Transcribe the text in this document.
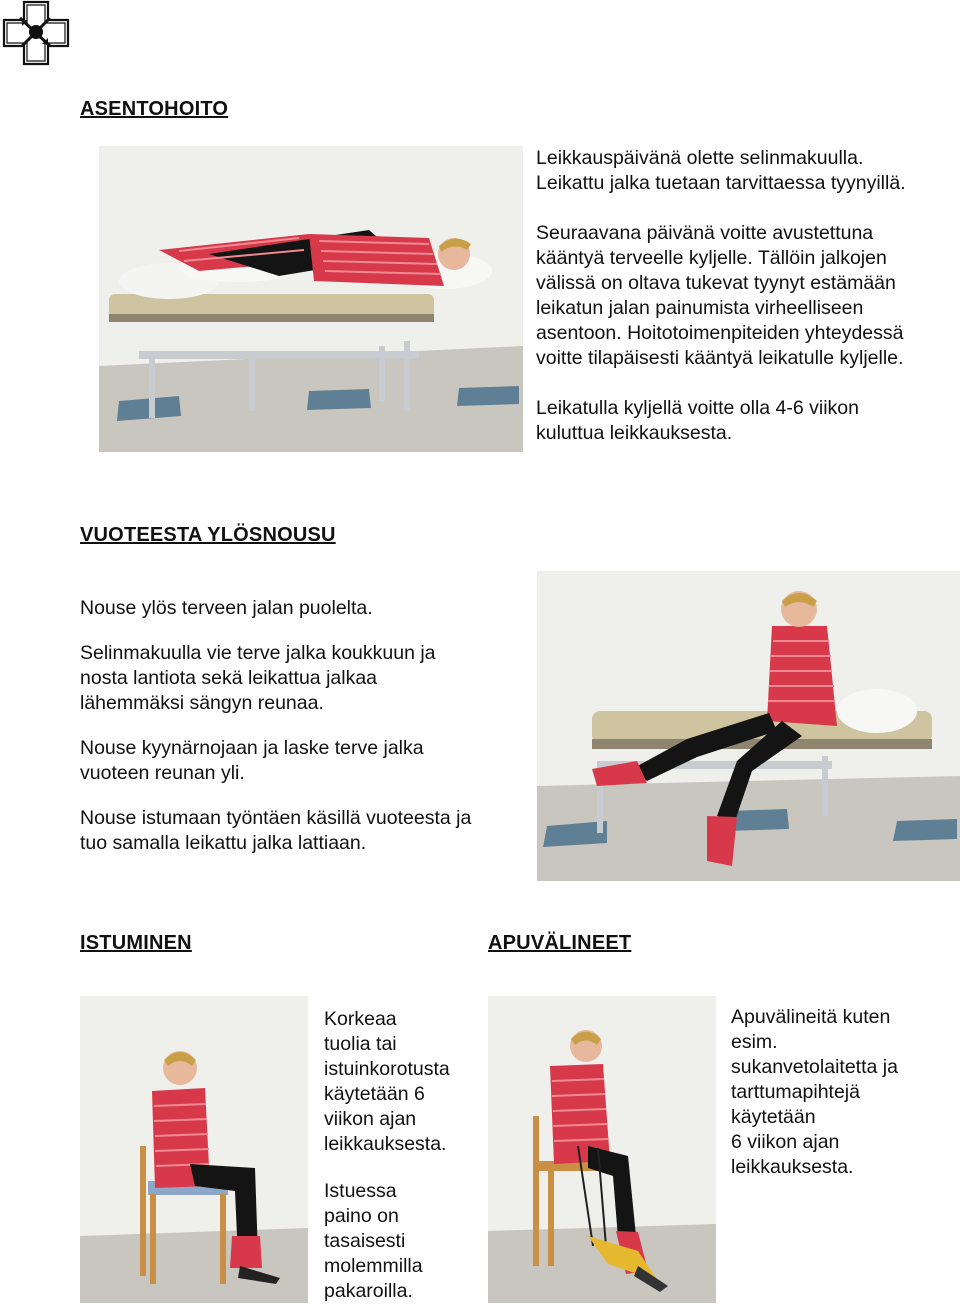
ASENTOHOITO

Leikkauspäivänä olette selinmakuulla.

Leikattu jalka tuetaan tarvittaessa tyynyillä.

Seuraavana päivänä voitte avustettuna

kääntyä terveelle kyljelle. Tällöin jalkojen

välissä on oltava tukevat tyynyt estämään

leikatun jalan painumista virheelliseen

asentoon. Hoitotoimenpiteiden yhteydessä

voitte tilapäisesti kääntyä leikatulle kyljelle.

Leikatulla kyljellä voitte olla 4-6 viikon

kuluttua leikkauksesta.

VUOTEESTA YLÖSNOUSU

Nouse ylös terveen jalan puolelta.

Selinmakuulla vie terve jalka koukkuun ja

nosta lantiota sekä leikattua jalkaa

lähemmäksi sängyn reunaa.

Nouse kyynärnojaan ja laske terve jalka

vuoteen reunan yli.

Nouse istumaan työntäen käsillä vuoteesta ja

tuo samalla leikattu jalka lattiaan.

ISTUMINEN

Korkeaa

tuolia tai

istuinkorotusta

käytetään 6

viikon ajan

leikkauksesta.

Istuessa

paino on

tasaisesti

molemmilla

pakaroilla.

APUVÄLINEET

Apuvälineitä kuten

esim.

sukanvetolaitetta ja

tarttumapihtejä

käytetään

6 viikon ajan

leikkauksesta.
